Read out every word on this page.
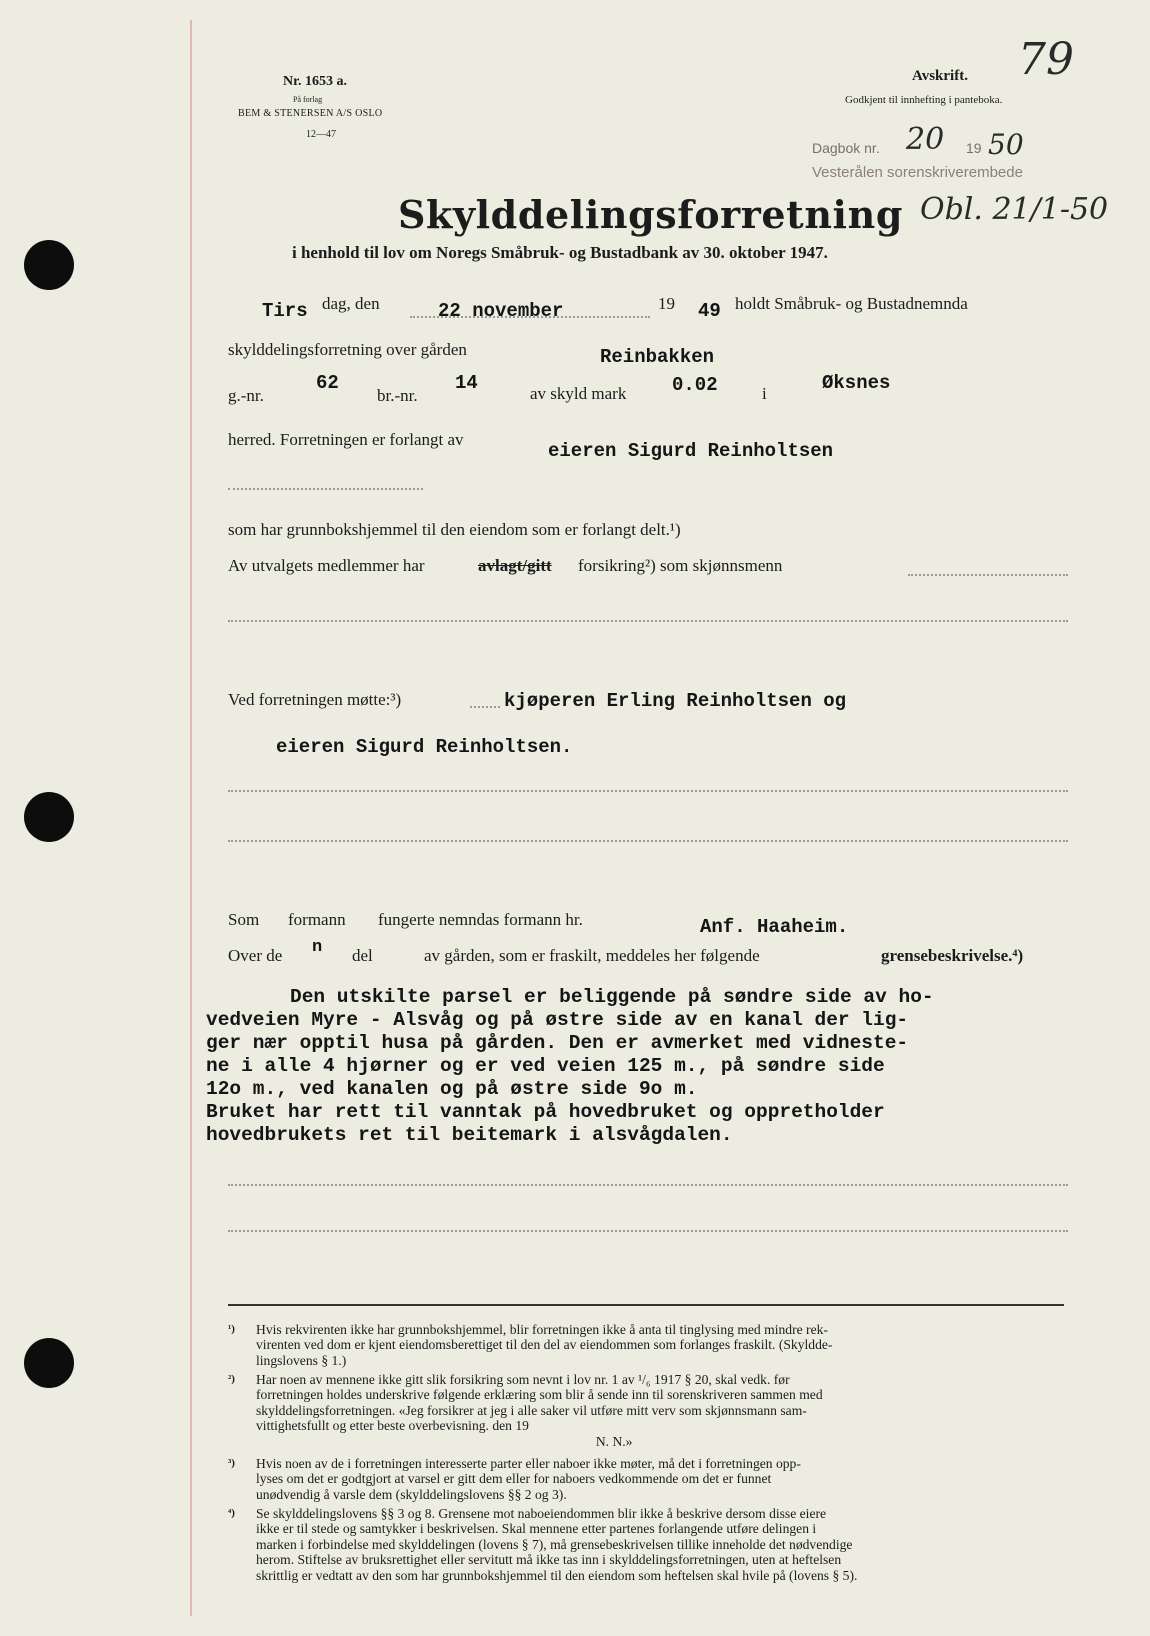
Nr. 1653 a.
På forlag
BEM & STENERSEN A/S OSLO
12—47
Avskrift.
Godkjent til innhefting i panteboka.
79
Dagbok nr. 20 19 50
Vesterålen sorenskriverembede
Obl. 21/1-50
Skylddelingsforretning
i henhold til lov om Noregs Småbruk- og Bustadbank av 30. oktober 1947.
Tirs dag, den	22 november	19 49 holdt Småbruk- og Bustadnemnda
skylddelingsforretning over gården	Reinbakken
g.-nr.
62
br.-nr.
14	av skyld mark 0.02	i	Øksnes
herred. Forretningen er forlangt av
eieren Sigurd Reinholtsen
som har grunnbokshjemmel til den eiendom som er forlangt delt.¹)
Av utvalgets medlemmer har	avlagt/gitt forsikring²) som skjønnsmenn
Ved forretningen møtte:³)	kjøperen Erling Reinholtsen og
eieren Sigurd Reinholtsen.
Som formann fungerte nemndas formann hr.	Anf. Haaheim.
Over de n del	av gården, som er fraskilt, meddeles her følgende	grensebeskrivelse.⁴)
Den utskilte parsel er beliggende på søndre side av ho-
vedveien Myre - Alsvåg og på østre side av en kanal der lig-
ger nær opptil husa på gården. Den er avmerket med vidneste-
ne i alle 4 hjørner og er ved veien 125 m., på søndre side
12o m., ved kanalen og på østre side 9o m.
Bruket har rett til vanntak på hovedbruket og oppretholder
hovedbrukets ret til beitemark i alsvågdalen.
¹) Hvis rekvirenten ikke har grunnbokshjemmel, blir forretningen ikke å anta til tinglysing med mindre rek-
virenten ved dom er kjent eiendomsberettiget til den del av eiendommen som forlanges fraskilt. (Skyldde-
lingslovens § 1.)
²) Har noen av mennene ikke gitt slik forsikring som nevnt i lov nr. 1 av ¹/₆ 1917 § 20, skal vedk. før
forretningen holdes underskrive følgende erklæring som blir å sende inn til sorenskriveren sammen med
skylddelingsforretningen. «Jeg forsikrer at jeg i alle saker vil utføre mitt verv som skjønnsmann sam-
vittighetsfullt og etter beste overbevisning. den 19
N. N.»
³) Hvis noen av de i forretningen interesserte parter eller naboer ikke møter, må det i forretningen opp-
lyses om det er godtgjort at varsel er gitt dem eller for naboers vedkommende om det er funnet
unødvendig å varsle dem (skylddelingslovens §§ 2 og 3).
⁴) Se skylddelingslovens §§ 3 og 8. Grensene mot naboeiendommen blir ikke å beskrive dersom disse eiere
ikke er til stede og samtykker i beskrivelsen. Skal mennene etter partenes forlangende utføre delingen i
marken i forbindelse med skylddelingen (lovens § 7), må grensebeskrivelsen tillike inneholde det nødvendige
herom. Stiftelse av bruksrettighet eller servitutt må ikke tas inn i skylddelingsforretningen, uten at heftelsen
skrittlig er vedtatt av den som har grunnbokshjemmel til den eiendom som heftelsen skal hvile på (lovens § 5).
